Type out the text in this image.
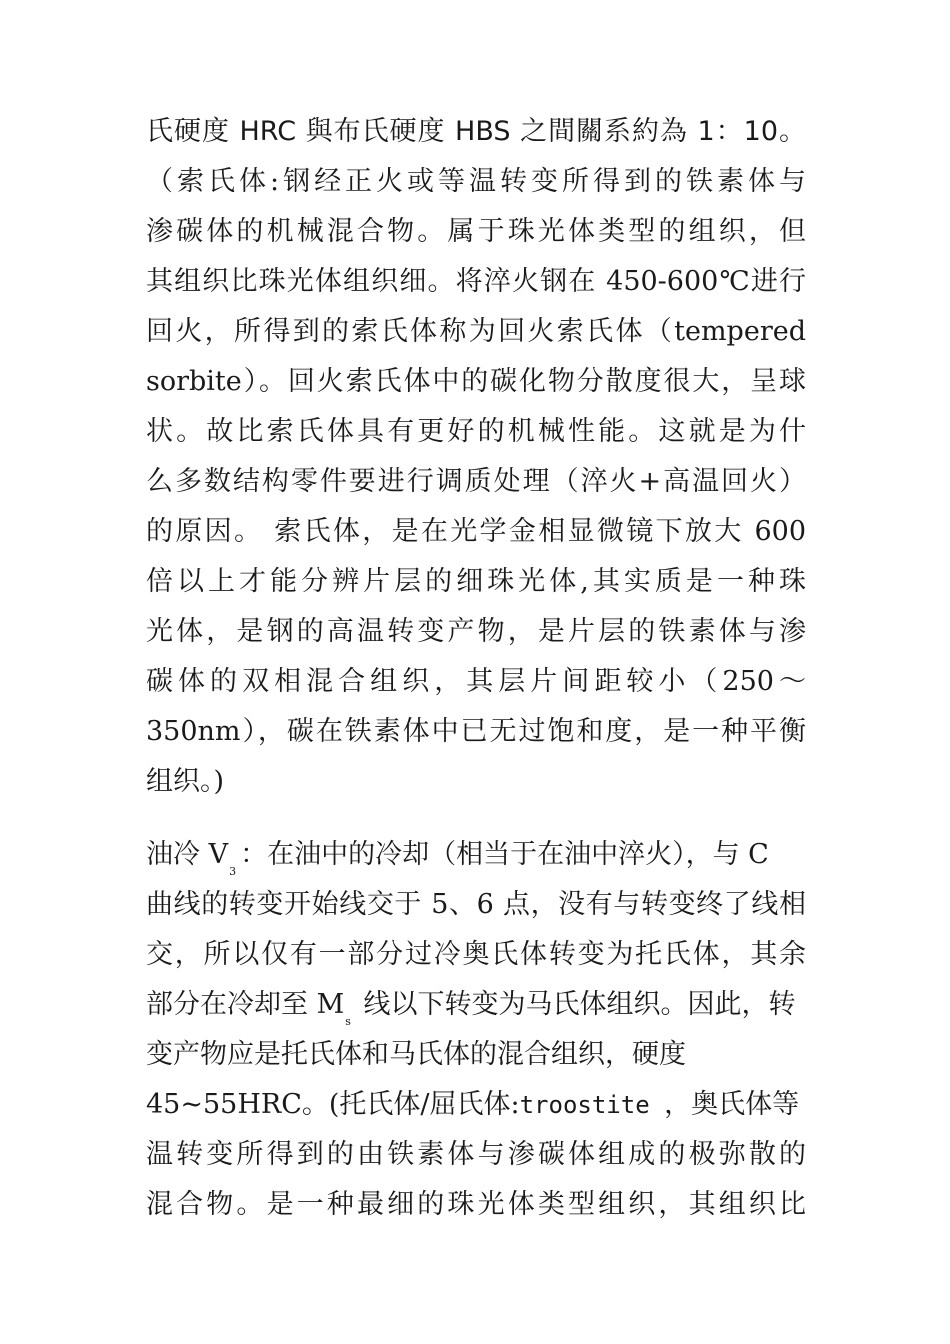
氏硬度 HRC 與布氏硬度 HBS 之間關系約為 1：10。
（索氏体:钢经正火或等温转变所得到的铁素体与
渗碳体的机械混合物。属于珠光体类型的组织，但
其组织比珠光体组织细。将淬火钢在 450-600℃进行
回火，所得到的索氏体称为回火索氏体（tempered
sorbite）。回火索氏体中的碳化物分散度很大，呈球
状。故比索氏体具有更好的机械性能。这就是为什
么多数结构零件要进行调质处理（淬火+高温回火）
的原因。 索氏体，是在光学金相显微镜下放大 600
倍以上才能分辨片层的细珠光体,其实质是一种珠
光体，是钢的高温转变产物，是片层的铁素体与渗
碳体的双相混合组织，其层片间距较小（250～
350nm），碳在铁素体中已无过饱和度，是一种平衡
组织。)
油冷 $V_3$：在油中的冷却（相当于在油中淬火），与 C
曲线的转变开始线交于 5、6 点，没有与转变终了线相
交，所以仅有一部分过冷奥氏体转变为托氏体，其余
部分在冷却至 $M_s$ 线以下转变为马氏体组织。因此，转
变产物应是托氏体和马氏体的混合组织，硬度
45~55HRC。(托氏体/屈氏体:troostite ，奥氏体等
温转变所得到的由铁素体与渗碳体组成的极弥散的
混合物。是一种最细的珠光体类型组织，其组织比
